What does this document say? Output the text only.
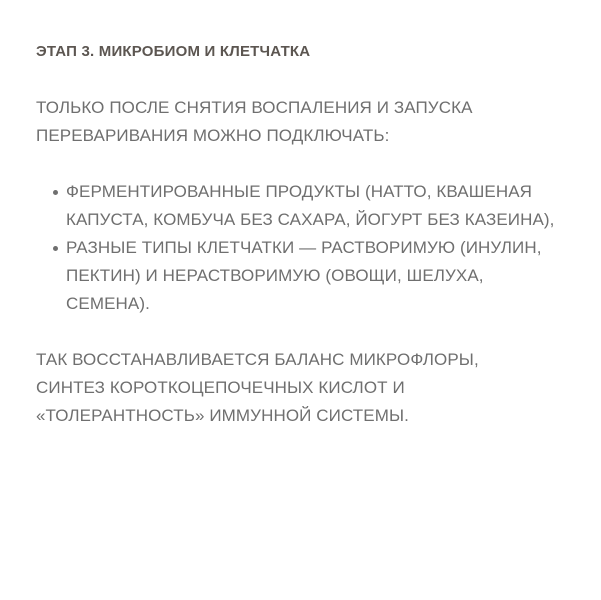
ЭТАП 3. МИКРОБИОМ И КЛЕТЧАТКА

ТОЛЬКО ПОСЛЕ СНЯТИЯ ВОСПАЛЕНИЯ И ЗАПУСКА ПЕРЕВАРИВАНИЯ МОЖНО ПОДКЛЮЧАТЬ:

ФЕРМЕНТИРОВАННЫЕ ПРОДУКТЫ (НАТТО, КВАШЕНАЯ КАПУСТА, КОМБУЧА БЕЗ САХАРА, ЙОГУРТ БЕЗ КАЗЕИНА),
РАЗНЫЕ ТИПЫ КЛЕТЧАТКИ — РАСТВОРИМУЮ (ИНУЛИН, ПЕКТИН) И НЕРАСТВОРИМУЮ (ОВОЩИ, ШЕЛУХА, СЕМЕНА).

ТАК ВОССТАНАВЛИВАЕТСЯ БАЛАНС МИКРОФЛОРЫ, СИНТЕЗ КОРОТКОЦЕПОЧЕЧНЫХ КИСЛОТ И «ТОЛЕРАНТНОСТЬ» ИММУННОЙ СИСТЕМЫ.
